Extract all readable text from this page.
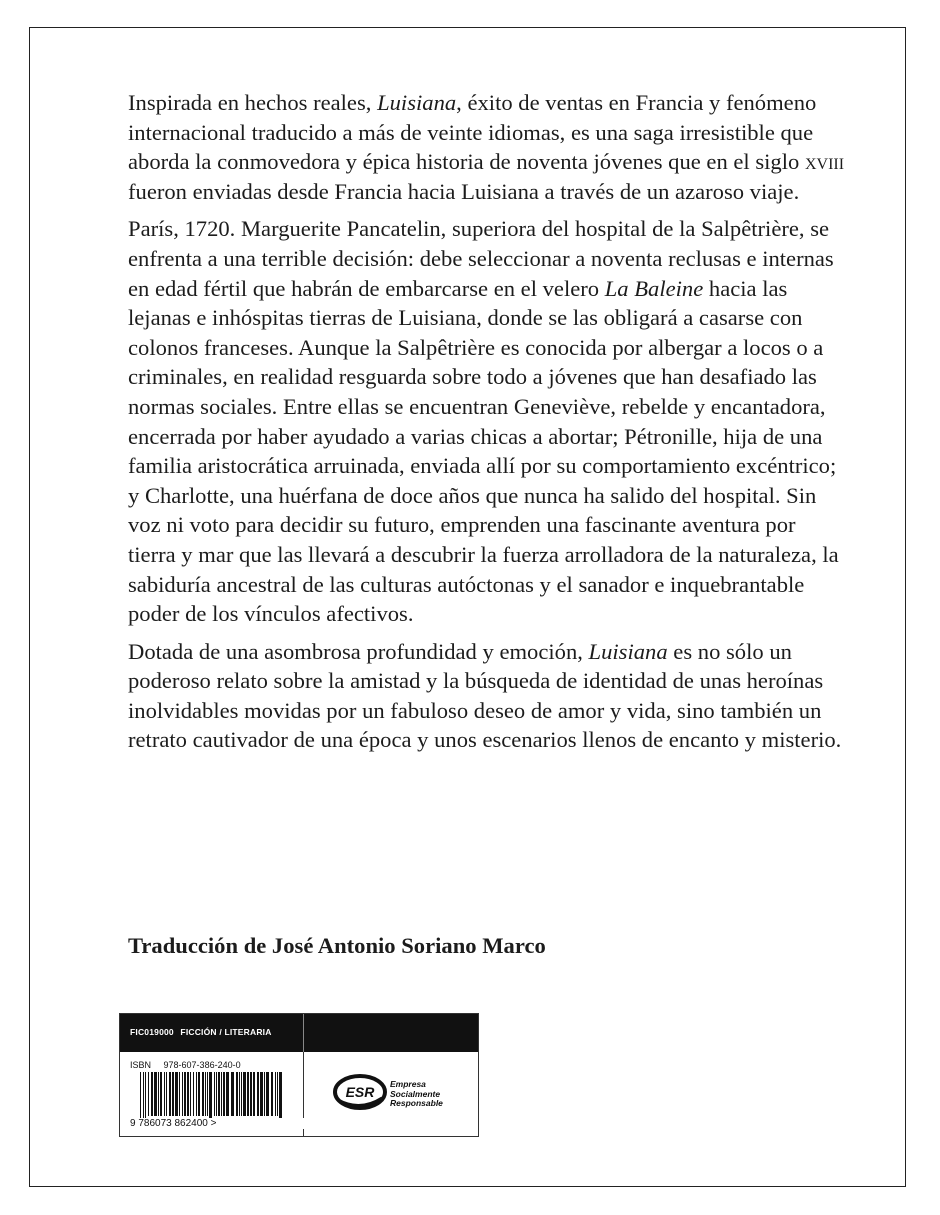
Inspirada en hechos reales, Luisiana, éxito de ventas en Francia y fenómeno internacional traducido a más de veinte idiomas, es una saga irresistible que aborda la conmovedora y épica historia de noventa jóvenes que en el siglo xviii fueron enviadas desde Francia hacia Luisiana a través de un azaroso viaje.

París, 1720. Marguerite Pancatelin, superiora del hospital de la Salpêtrière, se enfrenta a una terrible decisión: debe seleccionar a noventa reclusas e internas en edad fértil que habrán de embarcarse en el velero La Baleine hacia las lejanas e inhóspitas tierras de Luisiana, donde se las obligará a casarse con colonos franceses. Aunque la Salpêtrière es conocida por albergar a locos o a criminales, en realidad resguarda sobre todo a jóvenes que han desafiado las normas sociales. Entre ellas se encuentran Geneviève, rebelde y encantadora, encerrada por haber ayudado a varias chicas a abortar; Pétronille, hija de una familia aristocrática arruinada, enviada allí por su comportamiento excéntrico; y Charlotte, una huérfana de doce años que nunca ha salido del hospital. Sin voz ni voto para decidir su futuro, emprenden una fascinante aventura por tierra y mar que las llevará a descubrir la fuerza arrolladora de la naturaleza, la sabiduría ancestral de las culturas autóctonas y el sanador e inquebrantable poder de los vínculos afectivos.

Dotada de una asombrosa profundidad y emoción, Luisiana es no sólo un poderoso relato sobre la amistad y la búsqueda de identidad de unas heroínas inolvidables movidas por un fabuloso deseo de amor y vida, sino también un retrato cautivador de una época y unos escenarios llenos de encanto y misterio.

Traducción de José Antonio Soriano Marco
FIC019000 FICCIÓN / LITERARIA
ISBN 978-607-386-240-0
9 786073 862400 >
ESR Empresa
Socialmente
Responsable
